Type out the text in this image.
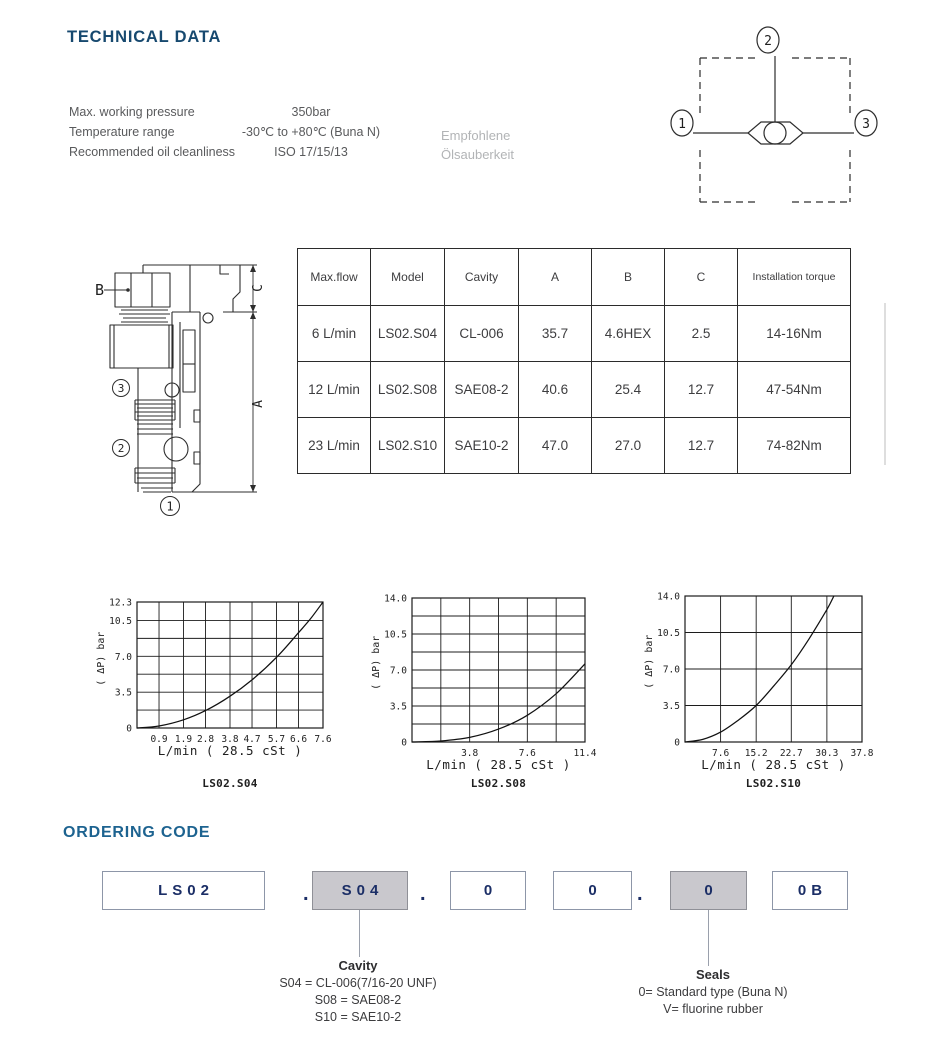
TECHNICAL DATA
Max. working pressure	350bar
Temperature range	-30℃ to +80℃ (Buna N)
Recommended oil cleanliness	ISO 17/15/13
Empfohlene
Ölsauberkeit
1
2
3
B	C
A
3
2
1
Max.flow	Model	Cavity	A	B	C	Installation torque
6 L/min	LS02.S04	CL-006	35.7	4.6HEX	2.5	14-16Nm
12 L/min	LS02.S08	SAE08-2	40.6	25.4	12.7	47-54Nm
23 L/min	LS02.S10	SAE10-2	47.0	27.0	12.7	74-82Nm
0
3.5
7.0
10.5
12.3
0.9 1.9 2.8 3.8 4.7 5.7 6.6 7.6
( ΔP) bar
L/min ( 28.5 cSt )
LS02.S04
0
3.5
7.0
10.5
14.0
3.8	7.6	11.4
( ΔP) bar
L/min ( 28.5 cSt )
LS02.S08
0
3.5
7.0
10.5
14.0
7.6 15.2 22.7 30.3 37.8
( ΔP) bar
L/min ( 28.5 cSt )
LS02.S10
ORDERING CODE
LS02	.	S04 .	0	0 .	0	0B
Cavity
S04 = CL-006(7/16-20 UNF)
S08 = SAE08-2
S10 = SAE10-2
Seals
0= Standard type (Buna N)
V= fluorine rubber
